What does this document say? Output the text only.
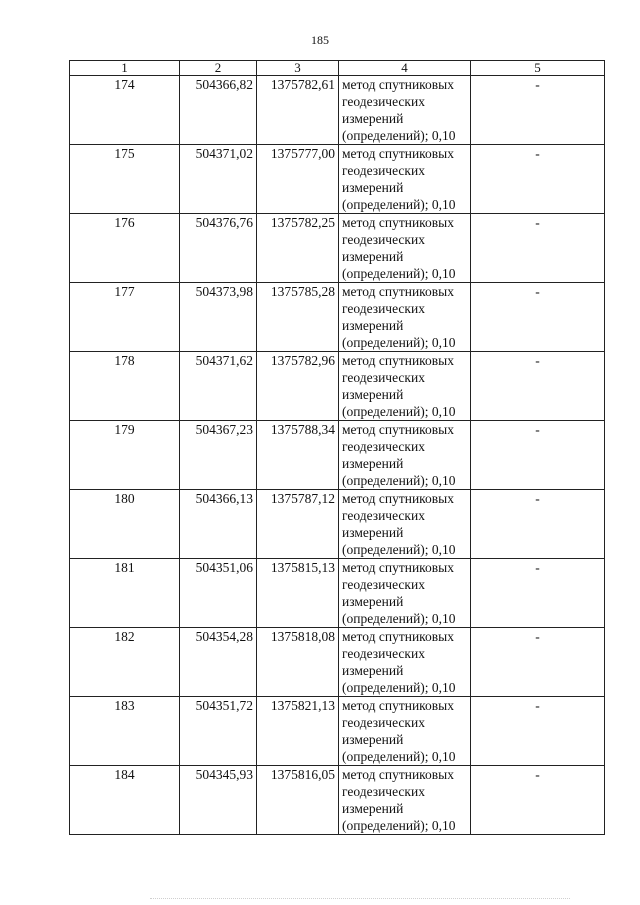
185
1	2	3	4	5
174	504366,82	1375782,61	метод спутниковых
геодезических
измерений
(определений); 0,10	-
175	504371,02	1375777,00	метод спутниковых
геодезических
измерений
(определений); 0,10	-
176	504376,76	1375782,25	метод спутниковых
геодезических
измерений
(определений); 0,10	-
177	504373,98	1375785,28	метод спутниковых
геодезических
измерений
(определений); 0,10	-
178	504371,62	1375782,96	метод спутниковых
геодезических
измерений
(определений); 0,10	-
179	504367,23	1375788,34	метод спутниковых
геодезических
измерений
(определений); 0,10	-
180	504366,13	1375787,12	метод спутниковых
геодезических
измерений
(определений); 0,10	-
181	504351,06	1375815,13	метод спутниковых
геодезических
измерений
(определений); 0,10	-
182	504354,28	1375818,08	метод спутниковых
геодезических
измерений
(определений); 0,10	-
183	504351,72	1375821,13	метод спутниковых
геодезических
измерений
(определений); 0,10	-
184	504345,93	1375816,05	метод спутниковых
геодезических
измерений
(определений); 0,10	-
